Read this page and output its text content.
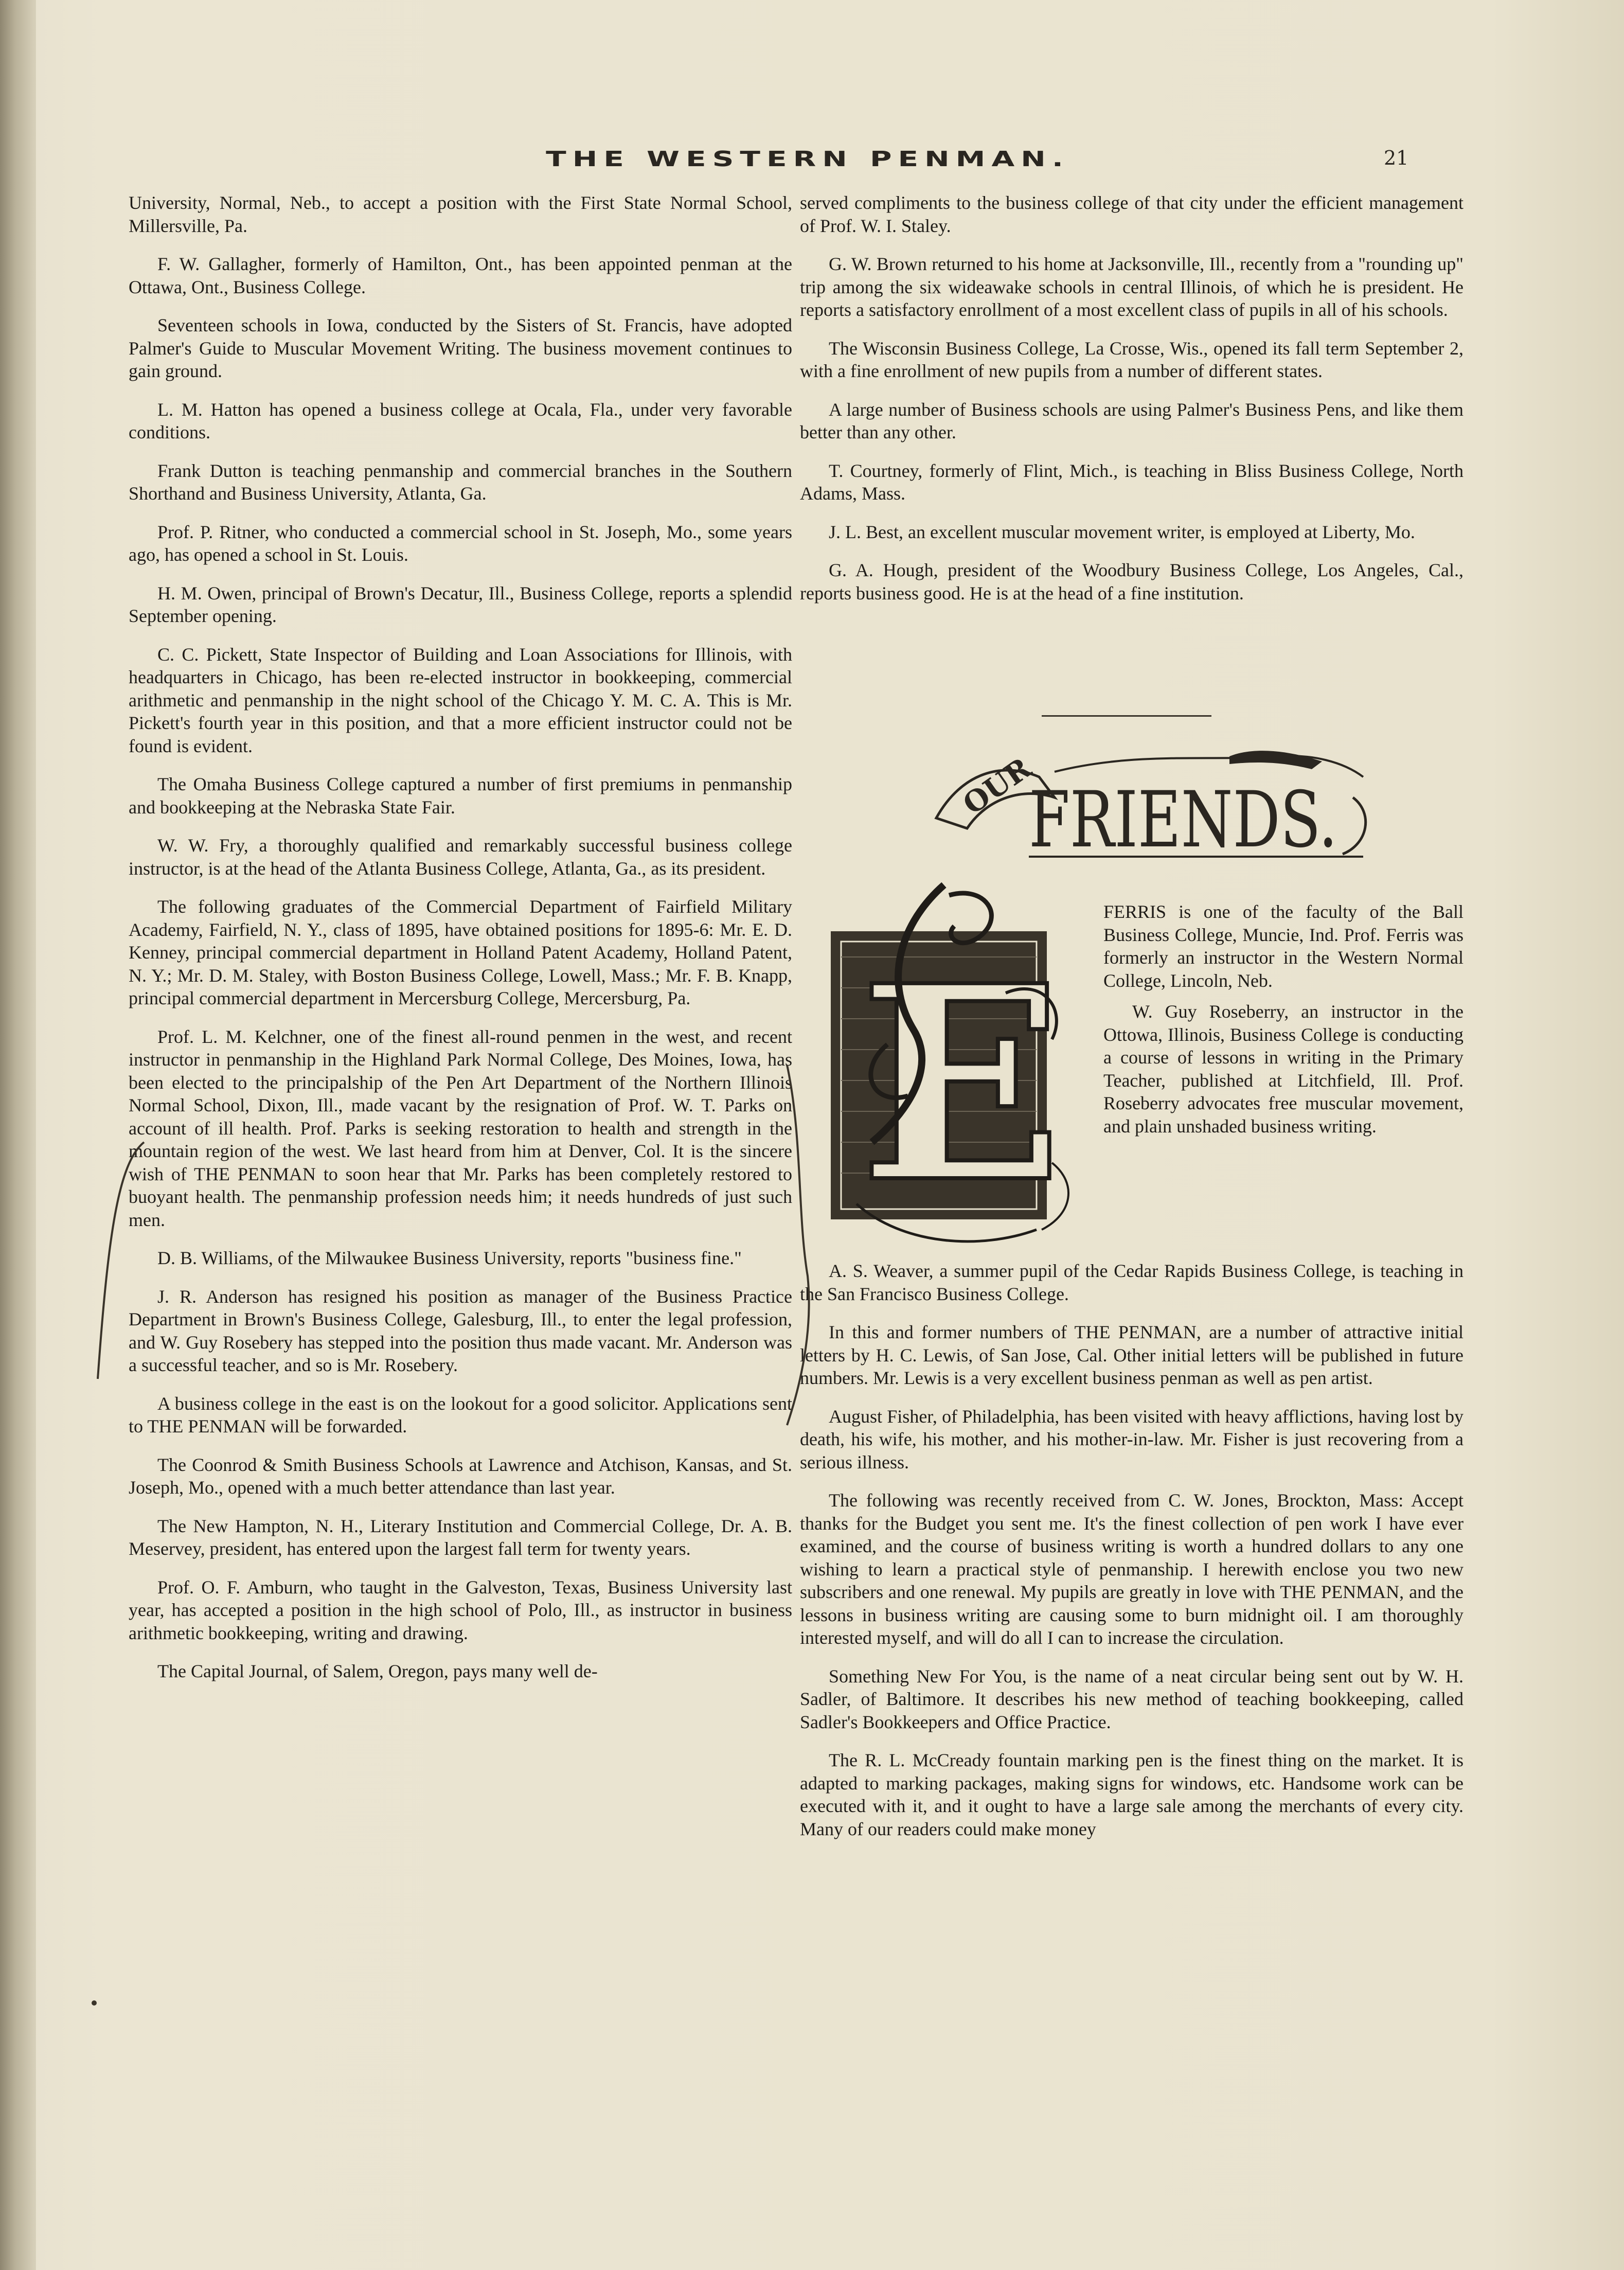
THE WESTERN PENMAN.	21

University, Normal, Neb., to accept a position with the First State Normal School, Millersville, Pa.

F. W. Gallagher, formerly of Hamilton, Ont., has been appointed penman at the Ottawa, Ont., Business College.

Seventeen schools in Iowa, conducted by the Sisters of St. Francis, have adopted Palmer's Guide to Muscular Movement Writing. The business movement continues to gain ground.

L. M. Hatton has opened a business college at Ocala, Fla., under very favorable conditions.

Frank Dutton is teaching penmanship and commercial branches in the Southern Shorthand and Business University, Atlanta, Ga.

Prof. P. Ritner, who conducted a commercial school in St. Joseph, Mo., some years ago, has opened a school in St. Louis.

H. M. Owen, principal of Brown's Decatur, Ill., Business College, reports a splendid September opening.

C. C. Pickett, State Inspector of Building and Loan Associations for Illinois, with headquarters in Chicago, has been re-elected instructor in bookkeeping, commercial arithmetic and penmanship in the night school of the Chicago Y. M. C. A. This is Mr. Pickett's fourth year in this position, and that a more efficient instructor could not be found is evident.

The Omaha Business College captured a number of first premiums in penmanship and bookkeeping at the Nebraska State Fair.

W. W. Fry, a thoroughly qualified and remarkably successful business college instructor, is at the head of the Atlanta Business College, Atlanta, Ga., as its president.

The following graduates of the Commercial Department of Fairfield Military Academy, Fairfield, N. Y., class of 1895, have obtained positions for 1895-6: Mr. E. D. Kenney, principal commercial department in Holland Patent Academy, Holland Patent, N. Y.; Mr. D. M. Staley, with Boston Business College, Lowell, Mass.; Mr. F. B. Knapp, principal commercial department in Mercersburg College, Mercersburg, Pa.

Prof. L. M. Kelchner, one of the finest all-round penmen in the west, and recent instructor in penmanship in the Highland Park Normal College, Des Moines, Iowa, has been elected to the principalship of the Pen Art Department of the Northern Illinois Normal School, Dixon, Ill., made vacant by the resignation of Prof. W. T. Parks on account of ill health. Prof. Parks is seeking restoration to health and strength in the mountain region of the west. We last heard from him at Denver, Col. It is the sincere wish of THE PENMAN to soon hear that Mr. Parks has been completely restored to buoyant health. The penmanship profession needs him; it needs hundreds of just such men.

D. B. Williams, of the Milwaukee Business University, reports "business fine."

J. R. Anderson has resigned his position as manager of the Business Practice Department in Brown's Business College, Galesburg, Ill., to enter the legal profession, and W. Guy Rosebery has stepped into the position thus made vacant. Mr. Anderson was a successful teacher, and so is Mr. Rosebery.

A business college in the east is on the lookout for a good solicitor. Applications sent to THE PENMAN will be forwarded.

The Coonrod & Smith Business Schools at Lawrence and Atchison, Kansas, and St. Joseph, Mo., opened with a much better attendance than last year.

The New Hampton, N. H., Literary Institution and Commercial College, Dr. A. B. Meservey, president, has entered upon the largest fall term for twenty years.

Prof. O. F. Amburn, who taught in the Galveston, Texas, Business University last year, has accepted a position in the high school of Polo, Ill., as instructor in business arithmetic bookkeeping, writing and drawing.

The Capital Journal, of Salem, Oregon, pays many well de-

served compliments to the business college of that city under the efficient management of Prof. W. I. Staley.

G. W. Brown returned to his home at Jacksonville, Ill., recently from a "rounding up" trip among the six wideawake schools in central Illinois, of which he is president. He reports a satisfactory enrollment of a most excellent class of pupils in all of his schools.

The Wisconsin Business College, La Crosse, Wis., opened its fall term September 2, with a fine enrollment of new pupils from a number of different states.

A large number of Business schools are using Palmer's Business Pens, and like them better than any other.

T. Courtney, formerly of Flint, Mich., is teaching in Bliss Business College, North Adams, Mass.

J. L. Best, an excellent muscular movement writer, is employed at Liberty, Mo.

G. A. Hough, president of the Woodbury Business College, Los Angeles, Cal., reports business good. He is at the head of a fine institution.

OUR
FRIENDS.
E

FERRIS is one of the faculty of the Ball Business College, Muncie, Ind. Prof. Ferris was formerly an instructor in the Western Normal College, Lincoln, Neb.

W. Guy Roseberry, an instructor in the Ottowa, Illinois, Business College is conducting a course of lessons in writing in the Primary Teacher, published at Litchfield, Ill. Prof. Roseberry advocates free muscular movement, and plain unshaded business writing.

A. S. Weaver, a summer pupil of the Cedar Rapids Business College, is teaching in the San Francisco Business College.

In this and former numbers of THE PENMAN, are a number of attractive initial letters by H. C. Lewis, of San Jose, Cal. Other initial letters will be published in future numbers. Mr. Lewis is a very excellent business penman as well as pen artist.

August Fisher, of Philadelphia, has been visited with heavy afflictions, having lost by death, his wife, his mother, and his mother-in-law. Mr. Fisher is just recovering from a serious illness.

The following was recently received from C. W. Jones, Brockton, Mass: Accept thanks for the Budget you sent me. It's the finest collection of pen work I have ever examined, and the course of business writing is worth a hundred dollars to any one wishing to learn a practical style of penmanship. I herewith enclose you two new subscribers and one renewal. My pupils are greatly in love with THE PENMAN, and the lessons in business writing are causing some to burn midnight oil. I am thoroughly interested myself, and will do all I can to increase the circulation.

Something New For You, is the name of a neat circular being sent out by W. H. Sadler, of Baltimore. It describes his new method of teaching bookkeeping, called Sadler's Bookkeepers and Office Practice.

The R. L. McCready fountain marking pen is the finest thing on the market. It is adapted to marking packages, making signs for windows, etc. Handsome work can be executed with it, and it ought to have a large sale among the merchants of every city. Many of our readers could make money
